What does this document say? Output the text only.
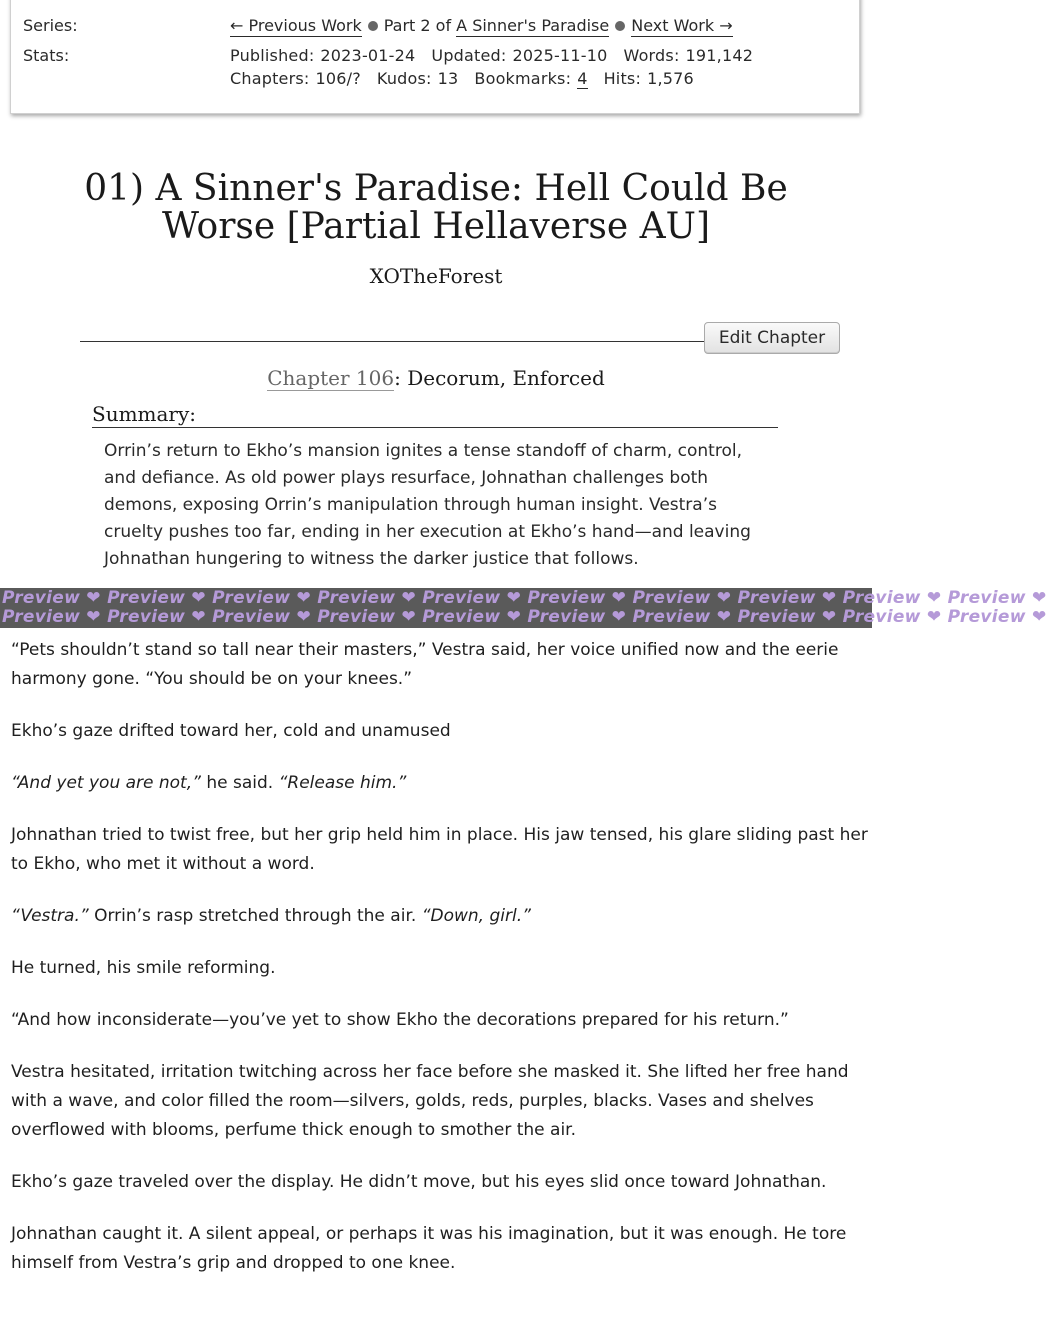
Series:
Stats:
← Previous Work Part 2 of A Sinner's Paradise Next Work →
Published: 2023-01-24 Updated: 2025-11-10 Words: 191,142
Chapters: 106/? Kudos: 13 Bookmarks: 4 Hits: 1,576
01) A Sinner's Paradise: Hell Could Be
Worse [Partial Hellaverse AU]
XOTheForest
Edit Chapter
Chapter 106: Decorum, Enforced
Summary:
Orrin’s return to Ekho’s mansion ignites a tense standoff of charm, control, and defiance. As old power plays resurface, Johnathan challenges both demons, exposing Orrin’s manipulation through human insight. Vestra’s cruelty pushes too far, ending in her execution at Ekho’s hand—and leaving Johnathan hungering to witness the darker justice that follows.
Preview ❤ Preview ❤ Preview ❤ Preview ❤ Preview ❤ Preview ❤ Preview ❤ Preview ❤ Preview ❤ Preview ❤
Preview ❤ Preview ❤ Preview ❤ Preview ❤ Preview ❤ Preview ❤ Preview ❤ Preview ❤ Preview ❤ Preview ❤

“Pets shouldn’t stand so tall near their masters,” Vestra said, her voice unified now and the eerie harmony gone. “You should be on your knees.”

Ekho’s gaze drifted toward her, cold and unamused

“And yet you are not,” he said. “Release him.”

Johnathan tried to twist free, but her grip held him in place. His jaw tensed, his glare sliding past her to Ekho, who met it without a word.

“Vestra.” Orrin’s rasp stretched through the air. “Down, girl.”

He turned, his smile reforming.

“And how inconsiderate—you’ve yet to show Ekho the decorations prepared for his return.”

Vestra hesitated, irritation twitching across her face before she masked it. She lifted her free hand with a wave, and color filled the room—silvers, golds, reds, purples, blacks. Vases and shelves overflowed with blooms, perfume thick enough to smother the air.

Ekho’s gaze traveled over the display. He didn’t move, but his eyes slid once toward Johnathan.

Johnathan caught it. A silent appeal, or perhaps it was his imagination, but it was enough. He tore himself from Vestra’s grip and dropped to one knee.
